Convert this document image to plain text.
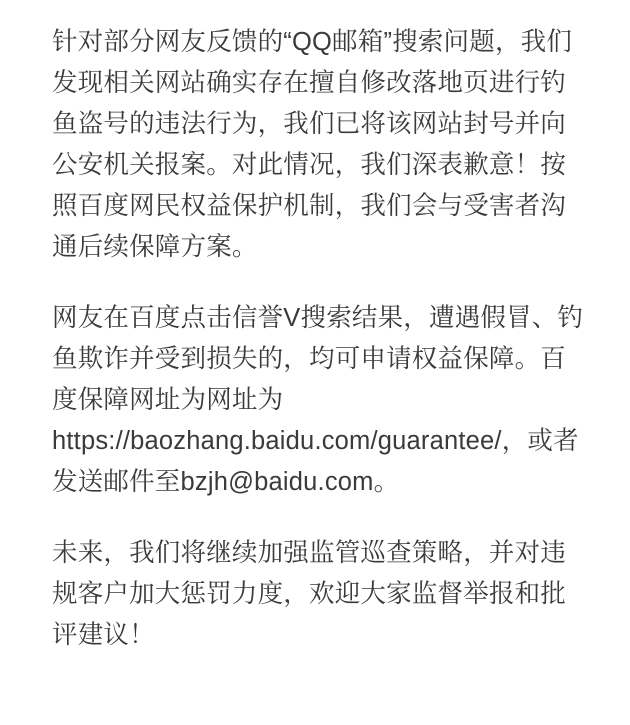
针对部分网友反馈的“QQ邮箱”搜索问题，我们发现相关网站确实存在擅自修改落地页进行钓鱼盗号的违法行为，我们已将该网站封号并向公安机关报案。对此情况，我们深表歉意！按照百度网民权益保护机制，我们会与受害者沟通后续保障方案。

网友在百度点击信誉V搜索结果，遭遇假冒、钓鱼欺诈并受到损失的，均可申请权益保障。百度保障网址为网址为https://baozhang.baidu.com/guarantee/，或者发送邮件至bzjh@baidu.com。

未来，我们将继续加强监管巡查策略，并对违规客户加大惩罚力度，欢迎大家监督举报和批评建议！
